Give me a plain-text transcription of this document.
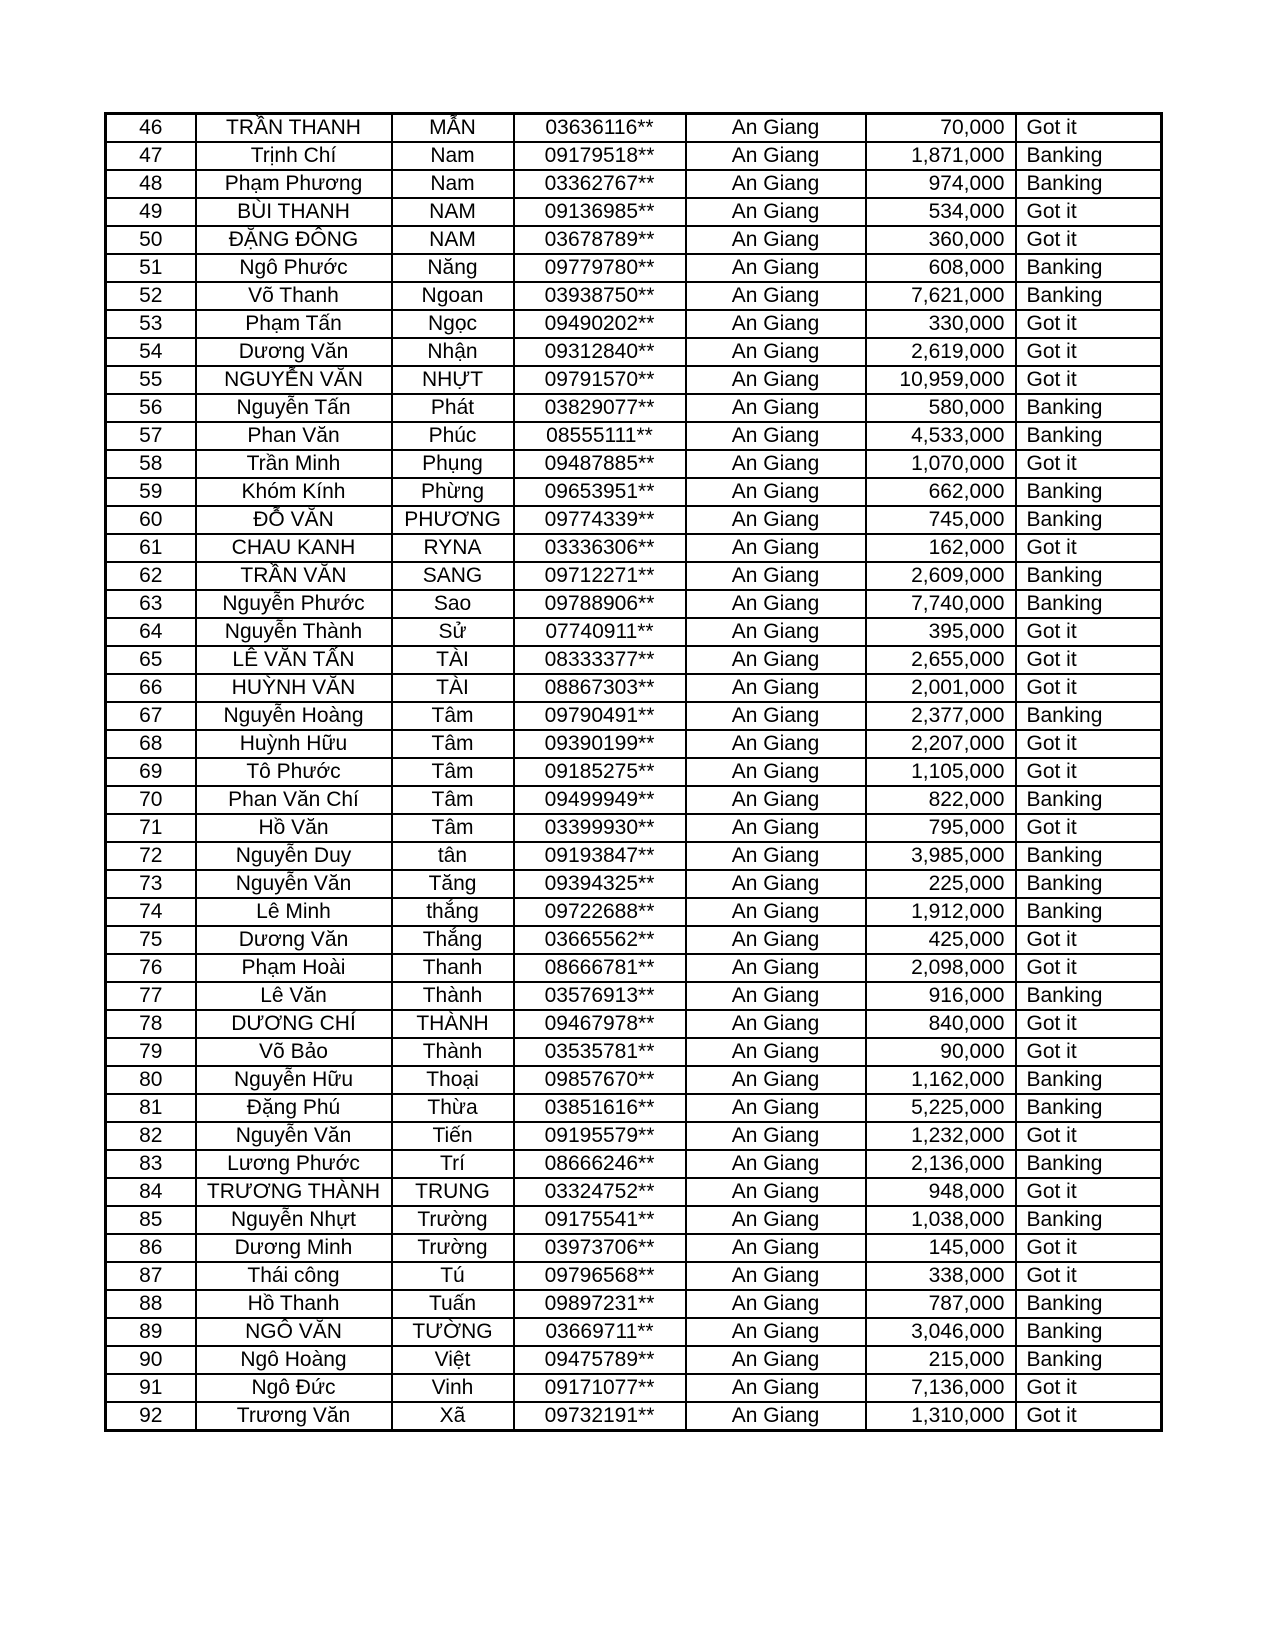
46	TRẦN THANH	MẪN	03636116**	An Giang	70,000	Got it
47	Trịnh Chí	Nam	09179518**	An Giang	1,871,000	Banking
48	Phạm Phương	Nam	03362767**	An Giang	974,000	Banking
49	BÙI THANH	NAM	09136985**	An Giang	534,000	Got it
50	ĐẶNG ĐÔNG	NAM	03678789**	An Giang	360,000	Got it
51	Ngô Phước	Năng	09779780**	An Giang	608,000	Banking
52	Võ Thanh	Ngoan	03938750**	An Giang	7,621,000	Banking
53	Phạm Tấn	Ngọc	09490202**	An Giang	330,000	Got it
54	Dương Văn	Nhận	09312840**	An Giang	2,619,000	Got it
55	NGUYỄN VĂN	NHỰT	09791570**	An Giang	10,959,000	Got it
56	Nguyễn Tấn	Phát	03829077**	An Giang	580,000	Banking
57	Phan Văn	Phúc	08555111**	An Giang	4,533,000	Banking
58	Trần Minh	Phụng	09487885**	An Giang	1,070,000	Got it
59	Khóm Kính	Phừng	09653951**	An Giang	662,000	Banking
60	ĐỖ VĂN	PHƯƠNG	09774339**	An Giang	745,000	Banking
61	CHAU KANH	RYNA	03336306**	An Giang	162,000	Got it
62	TRẦN VĂN	SANG	09712271**	An Giang	2,609,000	Banking
63	Nguyễn Phước	Sao	09788906**	An Giang	7,740,000	Banking
64	Nguyễn Thành	Sử	07740911**	An Giang	395,000	Got it
65	LÊ VĂN TẤN	TÀI	08333377**	An Giang	2,655,000	Got it
66	HUỲNH VĂN	TÀI	08867303**	An Giang	2,001,000	Got it
67	Nguyễn Hoàng	Tâm	09790491**	An Giang	2,377,000	Banking
68	Huỳnh Hữu	Tâm	09390199**	An Giang	2,207,000	Got it
69	Tô Phước	Tâm	09185275**	An Giang	1,105,000	Got it
70	Phan Văn Chí	Tâm	09499949**	An Giang	822,000	Banking
71	Hồ Văn	Tâm	03399930**	An Giang	795,000	Got it
72	Nguyễn Duy	tân	09193847**	An Giang	3,985,000	Banking
73	Nguyễn Văn	Tăng	09394325**	An Giang	225,000	Banking
74	Lê Minh	thắng	09722688**	An Giang	1,912,000	Banking
75	Dương Văn	Thắng	03665562**	An Giang	425,000	Got it
76	Phạm Hoài	Thanh	08666781**	An Giang	2,098,000	Got it
77	Lê Văn	Thành	03576913**	An Giang	916,000	Banking
78	DƯƠNG CHÍ	THÀNH	09467978**	An Giang	840,000	Got it
79	Võ Bảo	Thành	03535781**	An Giang	90,000	Got it
80	Nguyễn Hữu	Thoại	09857670**	An Giang	1,162,000	Banking
81	Đặng Phú	Thừa	03851616**	An Giang	5,225,000	Banking
82	Nguyễn Văn	Tiến	09195579**	An Giang	1,232,000	Got it
83	Lương Phước	Trí	08666246**	An Giang	2,136,000	Banking
84	TRƯƠNG THÀNH	TRUNG	03324752**	An Giang	948,000	Got it
85	Nguyễn Nhựt	Trường	09175541**	An Giang	1,038,000	Banking
86	Dương Minh	Trường	03973706**	An Giang	145,000	Got it
87	Thái công	Tú	09796568**	An Giang	338,000	Got it
88	Hồ Thanh	Tuấn	09897231**	An Giang	787,000	Banking
89	NGÔ VĂN	TƯỜNG	03669711**	An Giang	3,046,000	Banking
90	Ngô Hoàng	Việt	09475789**	An Giang	215,000	Banking
91	Ngô Đức	Vinh	09171077**	An Giang	7,136,000	Got it
92	Trương Văn	Xã	09732191**	An Giang	1,310,000	Got it
